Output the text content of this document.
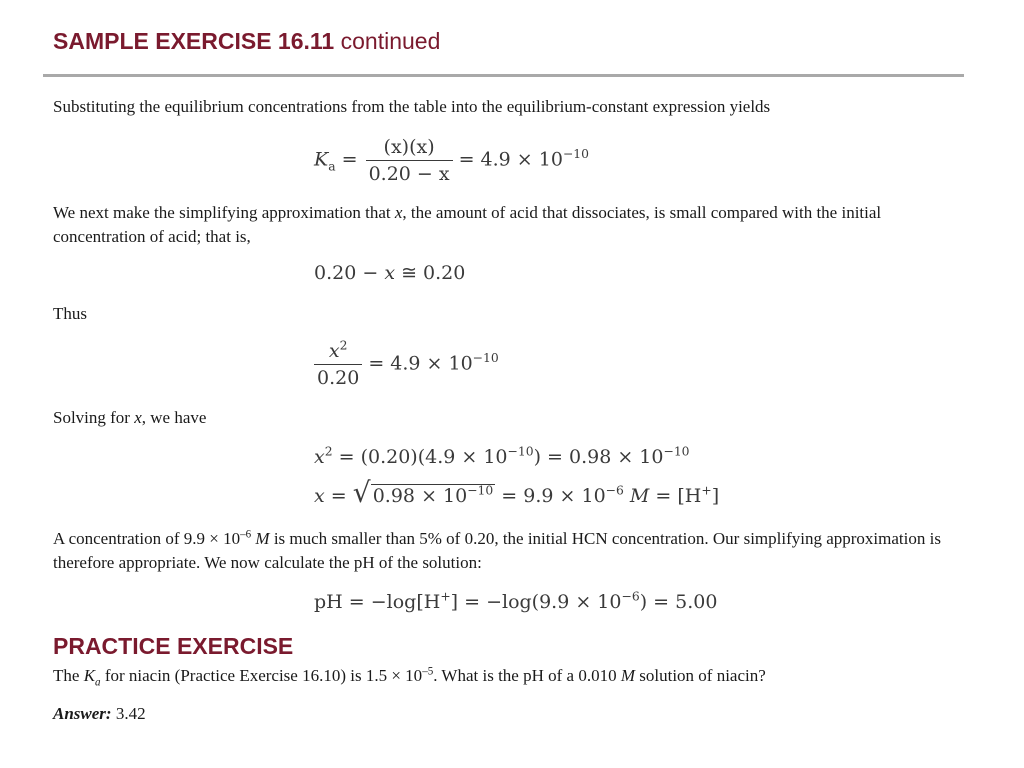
SAMPLE EXERCISE 16.11 continued

Substituting the equilibrium concentrations from the table into the equilibrium-constant expression yields

$K_a = \frac{(x)(x)}{0.20 - x} = 4.9 \times 10^{-10}$

We next make the simplifying approximation that x, the amount of acid that dissociates, is small compared with the initial concentration of acid; that is,

0.20 − x ≅ 0.20

Thus

$\frac{x^2}{0.20} = 4.9 \times 10^{-10}$

Solving for x, we have

$x^2 = (0.20)(4.9 \times 10^{-10}) = 0.98 \times 10^{-10}$
x = √ $0.98 \times 10^{-10} = 9.9 \times 10^{-6}$ M = [H+]

A concentration of $9.9 \times 10^{-6}$ M is much smaller than 5% of 0.20, the initial HCN concentration. Our simplifying approximation is therefore appropriate. We now calculate the pH of the solution:

pH = $-\log[H^+] = -\log(9.9 \times 10^{-6}) = 5.00$
PRACTICE EXERCISE

The $K_a$ for niacin (Practice Exercise 16.10) is $1.5 \times 10^{-5}$. What is the pH of a 0.010 M solution of niacin?

Answer: 3.42
